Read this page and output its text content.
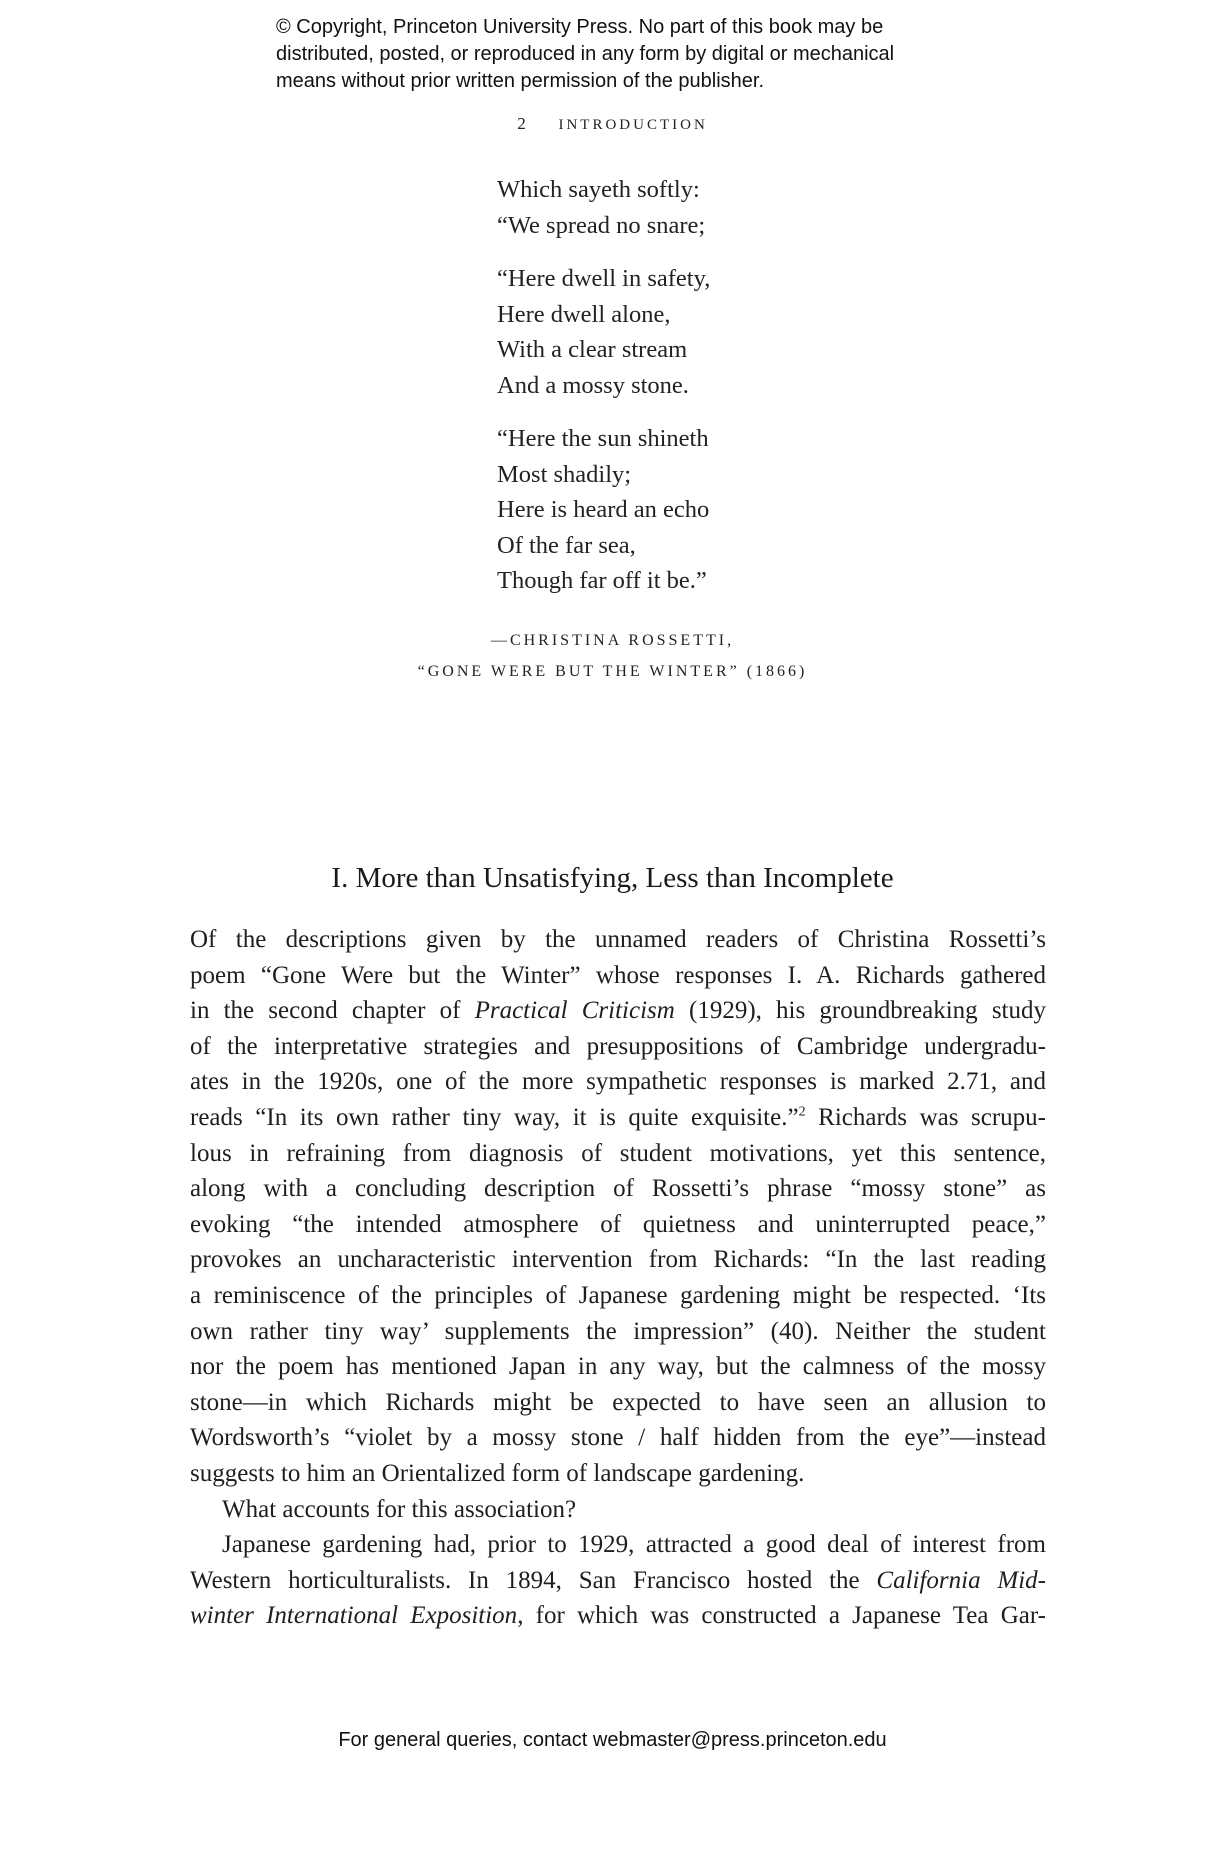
© Copyright, Princeton University Press. No part of this book may be
distributed, posted, or reproduced in any form by digital or mechanical
means without prior written permission of the publisher.
2 INTRODUCTION
Which sayeth softly:
“We spread no snare;
“Here dwell in safety,
Here dwell alone,
With a clear stream
And a mossy stone.
“Here the sun shineth
Most shadily;
Here is heard an echo
Of the far sea,
Though far off it be.”
—CHRISTINA ROSSETTI,
“GONE WERE BUT THE WINTER” (1866)
I. More than Unsatisfying, Less than Incomplete
Of the descriptions given by the unnamed readers of Christina Rossetti’s
poem “Gone Were but the Winter” whose responses I. A. Richards gathered
in the second chapter of Practical Criticism (1929), his groundbreaking study
of the interpretative strategies and presuppositions of Cambridge undergradu-
ates in the 1920s, one of the more sympathetic responses is marked 2.71, and
reads “In its own rather tiny way, it is quite exquisite.”$^2$ Richards was scrupu-
lous in refraining from diagnosis of student motivations, yet this sentence,
along with a concluding description of Rossetti’s phrase “mossy stone” as
evoking “the intended atmosphere of quietness and uninterrupted peace,”
provokes an uncharacteristic intervention from Richards: “In the last reading
a reminiscence of the principles of Japanese gardening might be respected. ‘Its
own rather tiny way’ supplements the impression” (40). Neither the student
nor the poem has mentioned Japan in any way, but the calmness of the mossy
stone—in which Richards might be expected to have seen an allusion to
Wordsworth’s “violet by a mossy stone / half hidden from the eye”—instead
suggests to him an Orientalized form of landscape gardening.
What accounts for this association?
Japanese gardening had, prior to 1929, attracted a good deal of interest from
Western horticulturalists. In 1894, San Francisco hosted the California Mid-
winter International Exposition, for which was constructed a Japanese Tea Gar-
For general queries, contact webmaster@press.princeton.edu
